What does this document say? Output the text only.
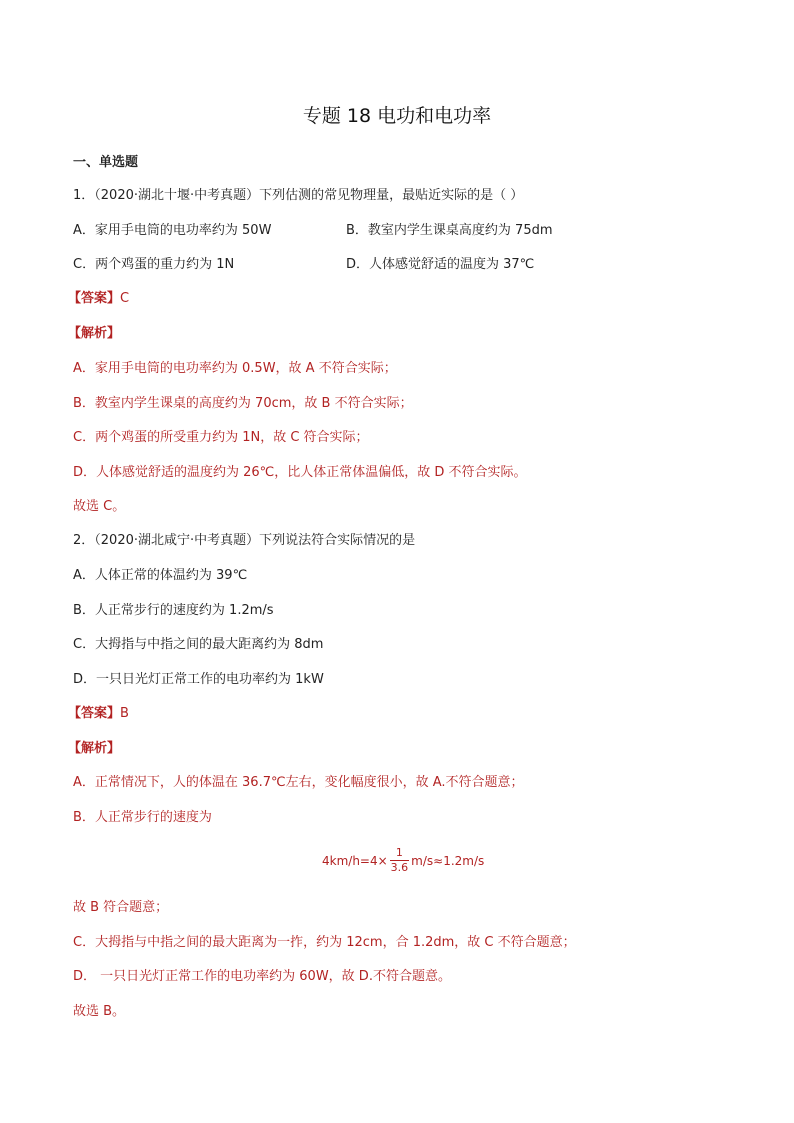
专题 18 电功和电功率
一、单选题
1．（2020·湖北十堰·中考真题）下列估测的常见物理量，最贴近实际的是（ ）
A．家用手电筒的电功率约为 50W	B．教室内学生课桌高度约为 75dm
C．两个鸡蛋的重力约为 1N	D．人体感觉舒适的温度为 37℃
【答案】C
【解析】
A．家用手电筒的电功率约为 0.5W，故 A 不符合实际；
B．教室内学生课桌的高度约为 70cm，故 B 不符合实际；
C．两个鸡蛋的所受重力约为 1N，故 C 符合实际；
D．人体感觉舒适的温度约为 26℃，比人体正常体温偏低，故 D 不符合实际。
故选 C。
2．（2020·湖北咸宁·中考真题）下列说法符合实际情况的是
A．人体正常的体温约为 39℃
B．人正常步行的速度约为 1.2m/s
C．大拇指与中指之间的最大距离约为 8dm
D．一只日光灯正常工作的电功率约为 1kW
【答案】B
【解析】
A．正常情况下，人的体温在 36.7℃左右，变化幅度很小，故 A.不符合题意；
B．人正常步行的速度为
$4km/h=4\times \frac{1}{3.6} m/s\approx 1.2m/s$
故 B 符合题意；
C．大拇指与中指之间的最大距离为一拃，约为 12cm，合 1.2dm，故 C 不符合题意；
D． 一只日光灯正常工作的电功率约为 60W，故 D.不符合题意。
故选 B。
